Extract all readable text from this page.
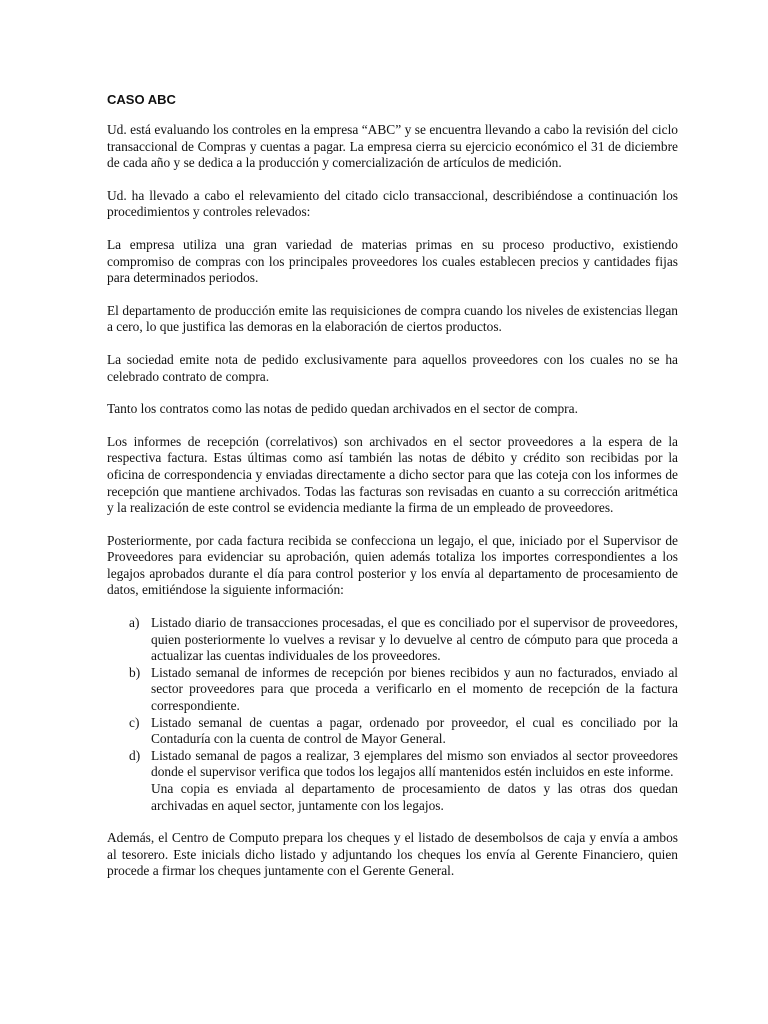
CASO ABC

Ud. está evaluando los controles en la empresa “ABC” y se encuentra llevando a cabo la revisión del ciclo transaccional de Compras y cuentas a pagar. La empresa cierra su ejercicio económico el 31 de diciembre de cada año y se dedica a la producción y comercialización de artículos de medición.

Ud. ha llevado a cabo el relevamiento del citado ciclo transaccional, describiéndose a continuación los procedimientos y controles relevados:

La empresa utiliza una gran variedad de materias primas en su proceso productivo, existiendo compromiso de compras con los principales proveedores los cuales establecen precios y cantidades fijas para determinados periodos.

El departamento de producción emite las requisiciones de compra cuando los niveles de existencias llegan a cero, lo que justifica las demoras en la elaboración de ciertos productos.

La sociedad emite nota de pedido exclusivamente para aquellos proveedores con los cuales no se ha celebrado contrato de compra.

Tanto los contratos como las notas de pedido quedan archivados en el sector de compra.

Los informes de recepción (correlativos) son archivados en el sector proveedores a la espera de la respectiva factura. Estas últimas como así también las notas de débito y crédito son recibidas por la oficina de correspondencia y enviadas directamente a dicho sector para que las coteja con los informes de recepción que mantiene archivados. Todas las facturas son revisadas en cuanto a su corrección aritmética y la realización de este control se evidencia mediante la firma de un empleado de proveedores.

Posteriormente, por cada factura recibida se confecciona un legajo, el que, iniciado por el Supervisor de Proveedores para evidenciar su aprobación, quien además totaliza los importes correspondientes a los legajos aprobados durante el día para control posterior y los envía al departamento de procesamiento de datos, emitiéndose la siguiente información:

a) Listado diario de transacciones procesadas, el que es conciliado por el supervisor de proveedores, quien posteriormente lo vuelves a revisar y lo devuelve al centro de cómputo para que proceda a actualizar las cuentas individuales de los proveedores.
b) Listado semanal de informes de recepción por bienes recibidos y aun no facturados, enviado al sector proveedores para que proceda a verificarlo en el momento de recepción de la factura correspondiente.
c) Listado semanal de cuentas a pagar, ordenado por proveedor, el cual es conciliado por la Contaduría con la cuenta de control de Mayor General.
d) Listado semanal de pagos a realizar, 3 ejemplares del mismo son enviados al sector proveedores donde el supervisor verifica que todos los legajos allí mantenidos estén incluidos en este informe.
Una copia es enviada al departamento de procesamiento de datos y las otras dos quedan archivadas en aquel sector, juntamente con los legajos.

Además, el Centro de Computo prepara los cheques y el listado de desembolsos de caja y envía a ambos al tesorero. Este inicials dicho listado y adjuntando los cheques los envía al Gerente Financiero, quien procede a firmar los cheques juntamente con el Gerente General.
